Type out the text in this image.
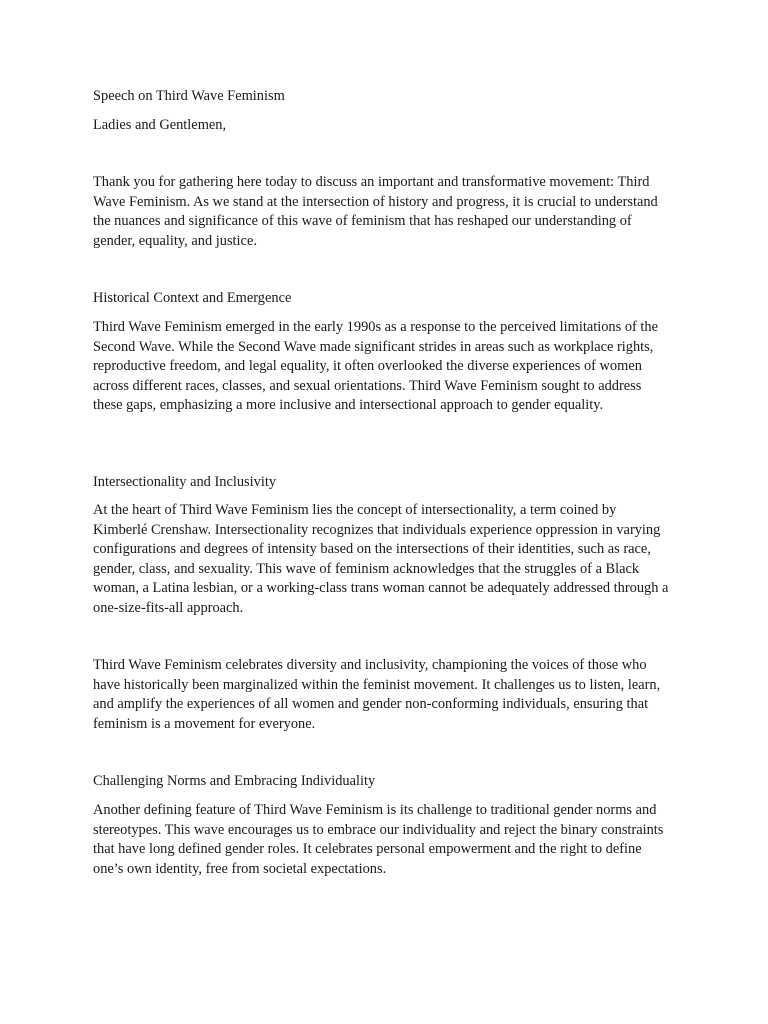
Speech on Third Wave Feminism

Ladies and Gentlemen,

Thank you for gathering here today to discuss an important and transformative movement: Third Wave Feminism. As we stand at the intersection of history and progress, it is crucial to understand the nuances and significance of this wave of feminism that has reshaped our understanding of gender, equality, and justice.

Historical Context and Emergence

Third Wave Feminism emerged in the early 1990s as a response to the perceived limitations of the Second Wave. While the Second Wave made significant strides in areas such as workplace rights, reproductive freedom, and legal equality, it often overlooked the diverse experiences of women across different races, classes, and sexual orientations. Third Wave Feminism sought to address these gaps, emphasizing a more inclusive and intersectional approach to gender equality.

Intersectionality and Inclusivity

At the heart of Third Wave Feminism lies the concept of intersectionality, a term coined by Kimberlé Crenshaw. Intersectionality recognizes that individuals experience oppression in varying configurations and degrees of intensity based on the intersections of their identities, such as race, gender, class, and sexuality. This wave of feminism acknowledges that the struggles of a Black woman, a Latina lesbian, or a working-class trans woman cannot be adequately addressed through a one-size-fits-all approach.

Third Wave Feminism celebrates diversity and inclusivity, championing the voices of those who have historically been marginalized within the feminist movement. It challenges us to listen, learn, and amplify the experiences of all women and gender non-conforming individuals, ensuring that feminism is a movement for everyone.

Challenging Norms and Embracing Individuality

Another defining feature of Third Wave Feminism is its challenge to traditional gender norms and stereotypes. This wave encourages us to embrace our individuality and reject the binary constraints that have long defined gender roles. It celebrates personal empowerment and the right to define one’s own identity, free from societal expectations.
